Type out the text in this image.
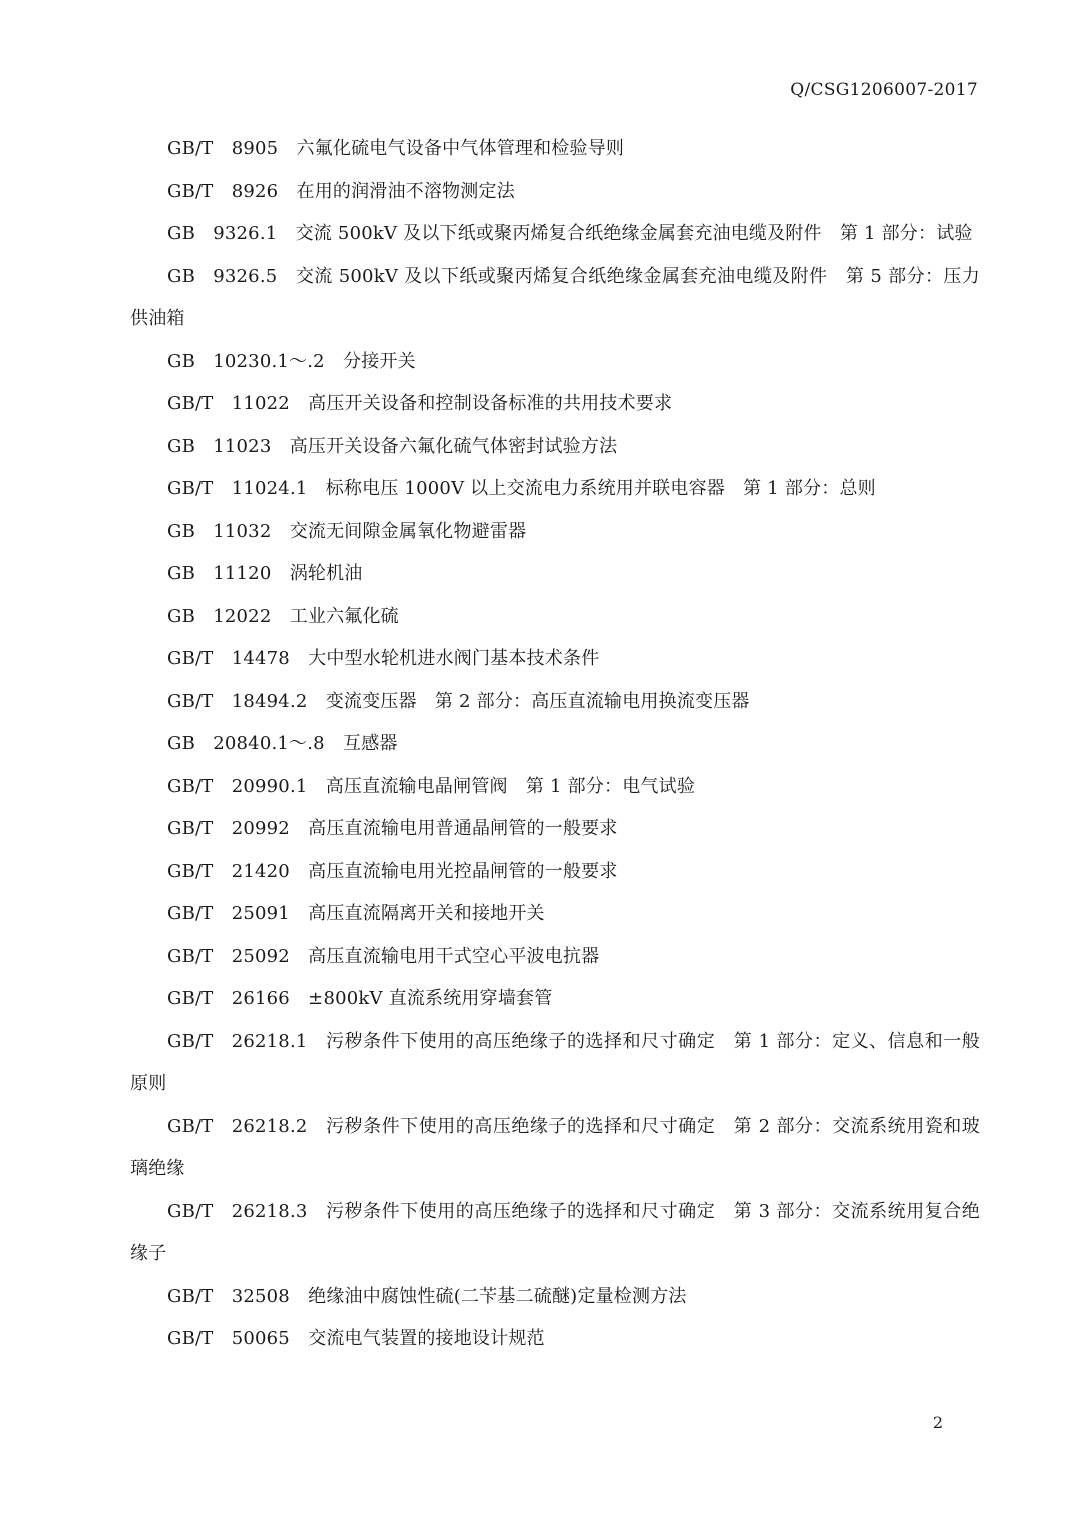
Q/CSG1206007-2017
GB/T  8905  六氟化硫电气设备中气体管理和检验导则
GB/T  8926  在用的润滑油不溶物测定法
GB  9326.1  交流 500kV 及以下纸或聚丙烯复合纸绝缘金属套充油电缆及附件　第 1 部分：试验
GB  9326.5  交流 500kV 及以下纸或聚丙烯复合纸绝缘金属套充油电缆及附件　第 5 部分：压力供油箱
GB  10230.1～.2  分接开关
GB/T  11022  高压开关设备和控制设备标准的共用技术要求
GB  11023  高压开关设备六氟化硫气体密封试验方法
GB/T  11024.1  标称电压 1000V 以上交流电力系统用并联电容器　第 1 部分：总则
GB  11032  交流无间隙金属氧化物避雷器
GB  11120  涡轮机油
GB  12022  工业六氟化硫
GB/T  14478  大中型水轮机进水阀门基本技术条件
GB/T  18494.2  变流变压器　第 2 部分：高压直流输电用换流变压器
GB  20840.1～.8  互感器
GB/T  20990.1  高压直流输电晶闸管阀　第 1 部分：电气试验
GB/T  20992  高压直流输电用普通晶闸管的一般要求
GB/T  21420  高压直流输电用光控晶闸管的一般要求
GB/T  25091  高压直流隔离开关和接地开关
GB/T  25092  高压直流输电用干式空心平波电抗器
GB/T  26166  ±800kV 直流系统用穿墙套管
GB/T  26218.1  污秽条件下使用的高压绝缘子的选择和尺寸确定　第 1 部分：定义、信息和一般原则
GB/T  26218.2  污秽条件下使用的高压绝缘子的选择和尺寸确定　第 2 部分：交流系统用瓷和玻璃绝缘
GB/T  26218.3  污秽条件下使用的高压绝缘子的选择和尺寸确定　第 3 部分：交流系统用复合绝缘子
GB/T  32508  绝缘油中腐蚀性硫(二苄基二硫醚)定量检测方法
GB/T  50065  交流电气装置的接地设计规范
2
